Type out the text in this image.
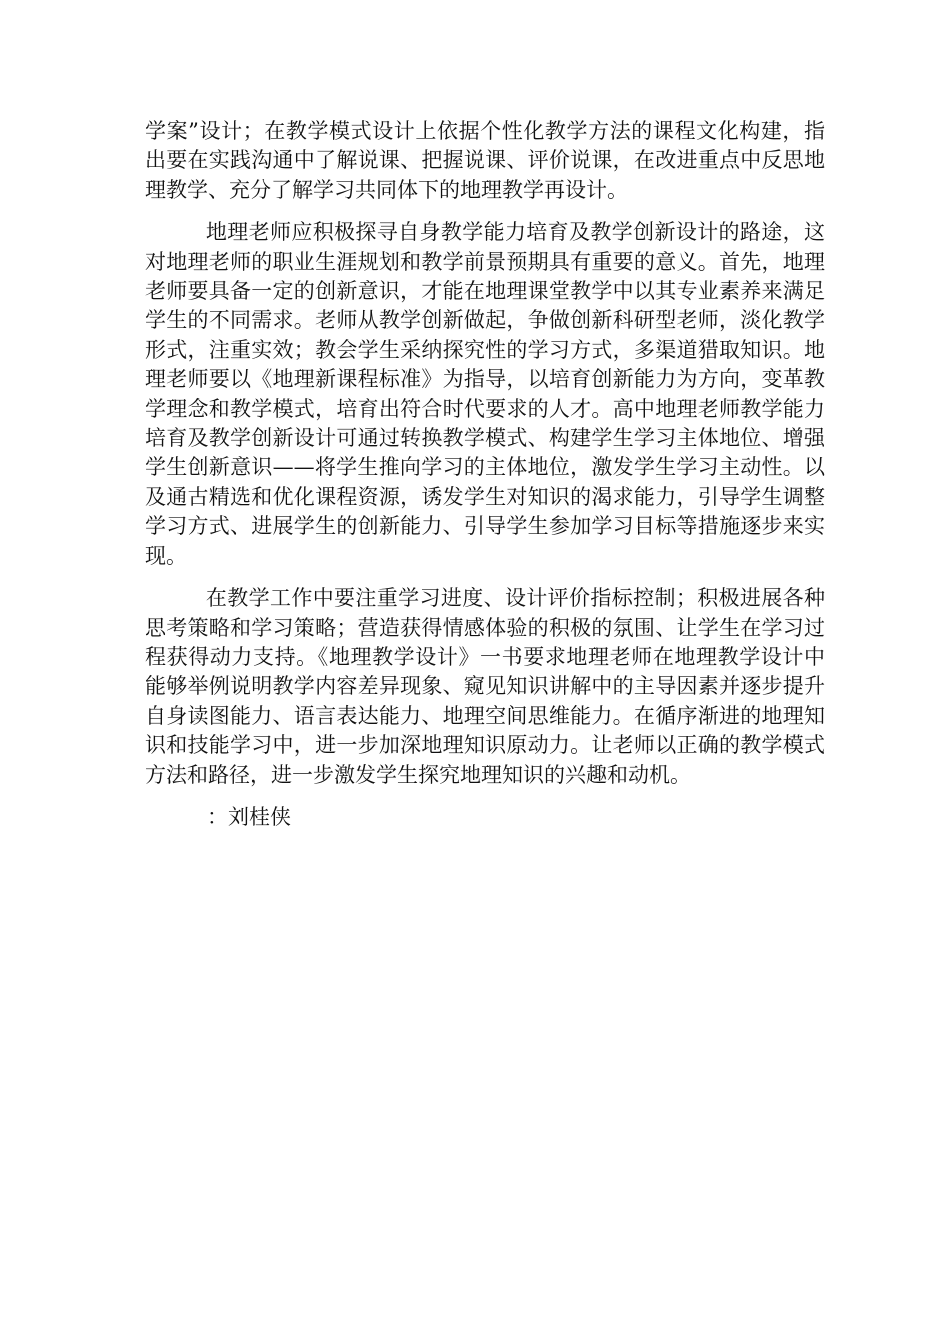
学案”设计；在教学模式设计上依据个性化教学方法的课程文化构建，指出要在实践沟通中了解说课、把握说课、评价说课，在改进重点中反思地理教学、充分了解学习共同体下的地理教学再设计。

地理老师应积极探寻自身教学能力培育及教学创新设计的路途，这对地理老师的职业生涯规划和教学前景预期具有重要的意义。首先，地理老师要具备一定的创新意识，才能在地理课堂教学中以其专业素养来满足学生的不同需求。老师从教学创新做起，争做创新科研型老师，淡化教学形式，注重实效；教会学生采纳探究性的学习方式，多渠道猎取知识。地理老师要以《地理新课程标准》为指导，以培育创新能力为方向，变革教学理念和教学模式，培育出符合时代要求的人才。高中地理老师教学能力培育及教学创新设计可通过转换教学模式、构建学生学习主体地位、增强学生创新意识——将学生推向学习的主体地位，激发学生学习主动性。以及通古精选和优化课程资源，诱发学生对知识的渴求能力，引导学生调整学习方式、进展学生的创新能力、引导学生参加学习目标等措施逐步来实现。

在教学工作中要注重学习进度、设计评价指标控制；积极进展各种思考策略和学习策略；营造获得情感体验的积极的氛围、让学生在学习过程获得动力支持。《地理教学设计》一书要求地理老师在地理教学设计中能够举例说明教学内容差异现象、窥见知识讲解中的主导因素并逐步提升自身读图能力、语言表达能力、地理空间思维能力。在循序渐进的地理知识和技能学习中，进一步加深地理知识原动力。让老师以正确的教学模式方法和路径，进一步激发学生探究地理知识的兴趣和动机。

：刘桂侠
